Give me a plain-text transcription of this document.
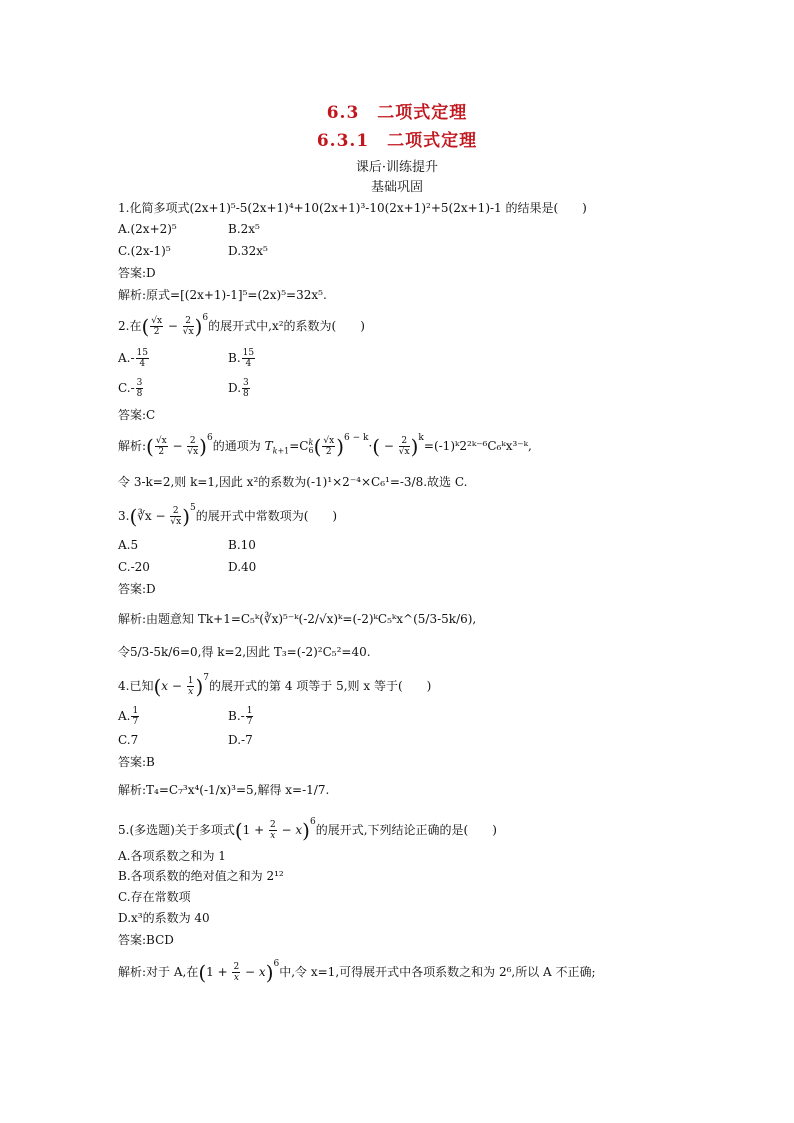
6.3　二项式定理
6.3.1　二项式定理
课后·训练提升
基础巩固
1.化简多项式(2x+1)⁵-5(2x+1)⁴+10(2x+1)³-10(2x+1)²+5(2x+1)-1 的结果是(　　)
A.(2x+2)⁵	B.2x⁵
C.(2x-1)⁵	D.32x⁵
答案:D
解析:原式=[(2x+1)-1]⁵=(2x)⁵=32x⁵.
2.在( $\frac{√x}{2} - \frac{2}{√x} )^6$的展开式中,x²的系数为(　　)
$A.- \frac{15}{4}$	B. $\frac{15}{4}$
$C.- \frac{3}{8}$	D. $\frac{3}{8}$
答案:C
解析:( $\frac{√x}{2} - \frac{2}{√x} )^6$的通项为 $T_{k+1}=C$ k
6 ( $\frac{√x}{2} )^{6 - k}\cdot( - \frac{2}{√x}$ )$^k=(-1)ᵏ2^2ᵏ^{-6}C_6ᵏx^{3-}ᵏ$,
令 3-k=2,则 k=1,因此 x²的系数为(-1)¹×2⁻⁴×C₆¹=-3/8.故选 C.
3.(∛x − $\frac{2}{√x} )^5$的展开式中常数项为(　　)
A.5	B.10
C.-20	D.40
答案:D
解析:由题意知 Tk+1=C₅ᵏ(∛x)⁵⁻ᵏ(-2/√x)ᵏ=(-2)ᵏC₅ᵏx^(5/3-5k/6),
令5/3-5k/6=0,得 k=2,因此 T₃=(-2)²C₅²=40.
4.已知$(x - \frac{1}{x} )^7$的展开式的第 4 项等于 5,则 x 等于(　　)
A. $\frac{1}{7}$	$B.- \frac{1}{7}$
C.7	D.-7
答案:B
解析:T₄=C₇³x⁴(-1/x)³=5,解得 x=-1/7.
5.(多选题)关于多项式$(1 + \frac{2}{x} - x)^6$的展开式,下列结论正确的是(　　)
A.各项系数之和为 1
B.各项系数的绝对值之和为 2¹²
C.存在常数项
D.x³的系数为 40
答案:BCD
解析:对于 A,在$(1 + \frac{2}{x} - x)^6$中,令 x=1,可得展开式中各项系数之和为 2⁶,所以 A 不正确;
